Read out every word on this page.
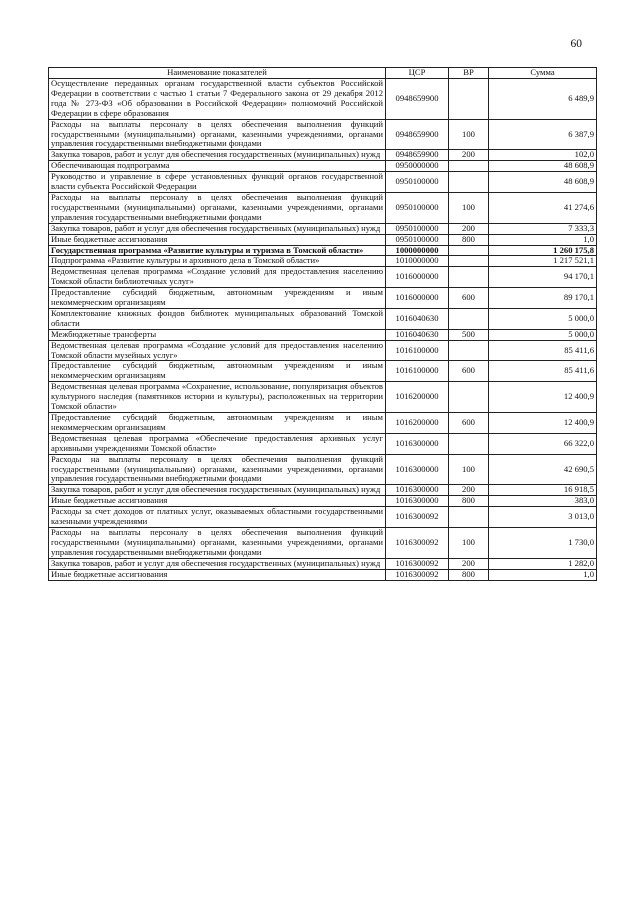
60
Наименование показателей	ЦСР	ВР	Сумма
Осуществление переданных органам государственной власти субъектов Российской Федерации в соответствии с частью 1 статьи 7 Федерального закона от 29 декабря 2012 года № 273-ФЗ «Об образовании в Российской Федерации» полномочий Российской Федерации в сфере образования	0948659900		6 489,9
Расходы на выплаты персоналу в целях обеспечения выполнения функций государственными (муниципальными) органами, казенными учреждениями, органами управления государственными внебюджетными фондами	0948659900	100	6 387,9
Закупка товаров, работ и услуг для обеспечения государственных (муниципальных) нужд	0948659900	200	102,0
Обеспечивающая подпрограмма	0950000000		48 608,9
Руководство и управление в сфере установленных функций органов государственной власти субъекта Российской Федерации	0950100000		48 608,9
Расходы на выплаты персоналу в целях обеспечения выполнения функций государственными (муниципальными) органами, казенными учреждениями, органами управления государственными внебюджетными фондами	0950100000	100	41 274,6
Закупка товаров, работ и услуг для обеспечения государственных (муниципальных) нужд	0950100000	200	7 333,3
Иные бюджетные ассигнования	0950100000	800	1,0
Государственная программа «Развитие культуры и туризма в Томской области»	1000000000		1 260 175,8
Подпрограмма «Развитие культуры и архивного дела в Томской области»	1010000000		1 217 521,1
Ведомственная целевая программа «Создание условий для предоставления населению Томской области библиотечных услуг»	1016000000		94 170,1
Предоставление субсидий бюджетным, автономным учреждениям и иным некоммерческим организациям	1016000000	600	89 170,1
Комплектование книжных фондов библиотек муниципальных образований Томской области	1016040630		5 000,0
Межбюджетные трансферты	1016040630	500	5 000,0
Ведомственная целевая программа «Создание условий для предоставления населению Томской области музейных услуг»	1016100000		85 411,6
Предоставление субсидий бюджетным, автономным учреждениям и иным некоммерческим организациям	1016100000	600	85 411,6
Ведомственная целевая программа «Сохранение, использование, популяризация объектов культурного наследия (памятников истории и культуры), расположенных на территории Томской области»	1016200000		12 400,9
Предоставление субсидий бюджетным, автономным учреждениям и иным некоммерческим организациям	1016200000	600	12 400,9
Ведомственная целевая программа «Обеспечение предоставления архивных услуг архивными учреждениями Томской области»	1016300000		66 322,0
Расходы на выплаты персоналу в целях обеспечения выполнения функций государственными (муниципальными) органами, казенными учреждениями, органами управления государственными внебюджетными фондами	1016300000	100	42 690,5
Закупка товаров, работ и услуг для обеспечения государственных (муниципальных) нужд	1016300000	200	16 918,5
Иные бюджетные ассигнования	1016300000	800	383,0
Расходы за счет доходов от платных услуг, оказываемых областными государственными казенными учреждениями	1016300092		3 013,0
Расходы на выплаты персоналу в целях обеспечения выполнения функций государственными (муниципальными) органами, казенными учреждениями, органами управления государственными внебюджетными фондами	1016300092	100	1 730,0
Закупка товаров, работ и услуг для обеспечения государственных (муниципальных) нужд	1016300092	200	1 282,0
Иные бюджетные ассигнования	1016300092	800	1,0
